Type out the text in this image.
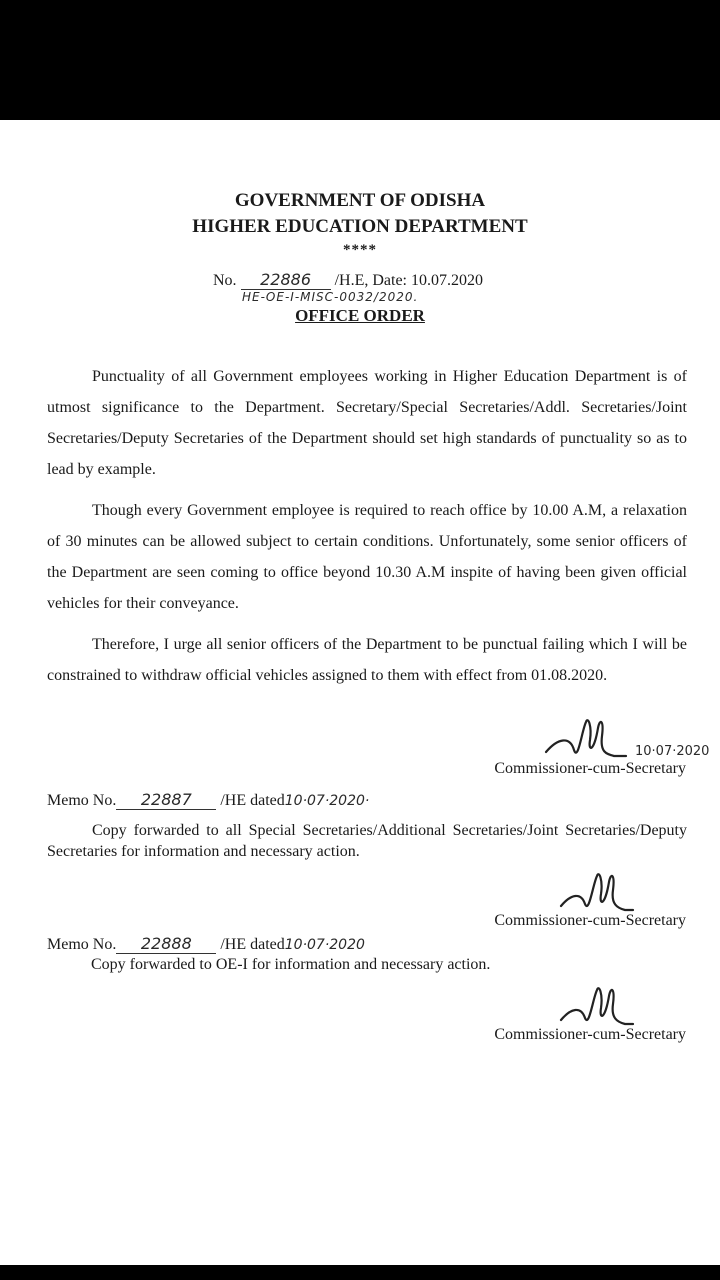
GOVERNMENT OF ODISHA
HIGHER EDUCATION DEPARTMENT
****
No. 22886 /H.E, Date: 10.07.2020
HE-OE-I-MISC-0032/2020.
OFFICE ORDER

Punctuality of all Government employees working in Higher Education Department is of utmost significance to the Department. Secretary/Special Secretaries/Addl. Secretaries/Joint Secretaries/Deputy Secretaries of the Department should set high standards of punctuality so as to lead by example.

Though every Government employee is required to reach office by 10.00 A.M, a relaxation of 30 minutes can be allowed subject to certain conditions. Unfortunately, some senior officers of the Department are seen coming to office beyond 10.30 A.M inspite of having been given official vehicles for their conveyance.

Therefore, I urge all senior officers of the Department to be punctual failing which I will be constrained to withdraw official vehicles assigned to them with effect from 01.08.2020.

10·07·2020
Commissioner-cum-Secretary
Memo No. 22887 /HE dated10·07·2020·

Copy forwarded to all Special Secretaries/Additional Secretaries/Joint Secretaries/Deputy Secretaries for information and necessary action.

Commissioner-cum-Secretary
Memo No. 22888 /HE dated10·07·2020
Copy forwarded to OE-I for information and necessary action.
Commissioner-cum-Secretary
